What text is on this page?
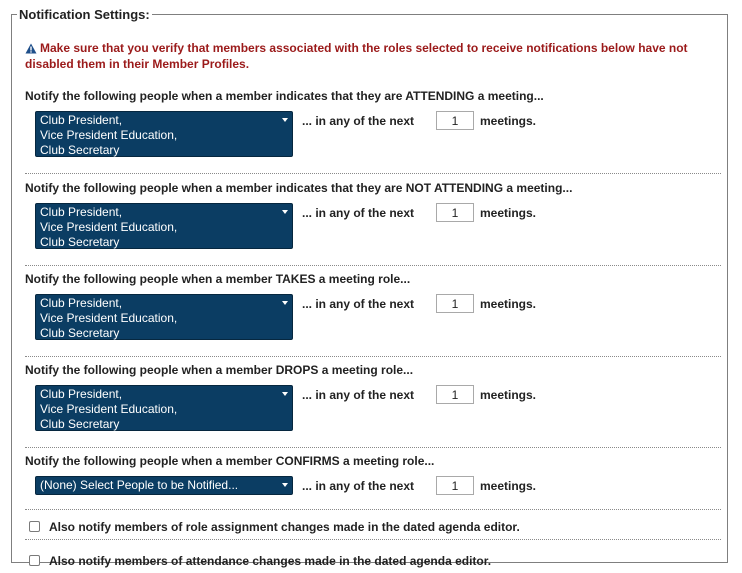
Notification Settings:
Make sure that you verify that members associated with the roles selected to receive notifications below have not disabled them in their Member Profiles.

Notify the following people when a member indicates that they are ATTENDING a meeting...

Club President,
Vice President Education,
Club Secretary
... in any of the next
1	meetings.

Notify the following people when a member indicates that they are NOT ATTENDING a meeting...

Club President,
Vice President Education,
Club Secretary
... in any of the next
1	meetings.

Notify the following people when a member TAKES a meeting role...

Club President,
Vice President Education,
Club Secretary
... in any of the next
1	meetings.

Notify the following people when a member DROPS a meeting role...

Club President,
Vice President Education,
Club Secretary
... in any of the next
1	meetings.

Notify the following people when a member CONFIRMS a meeting role...

(None) Select People to be Notified...	... in any of the next
1	meetings.
Also notify members of role assignment changes made in the dated agenda editor.
Also notify members of attendance changes made in the dated agenda editor.
